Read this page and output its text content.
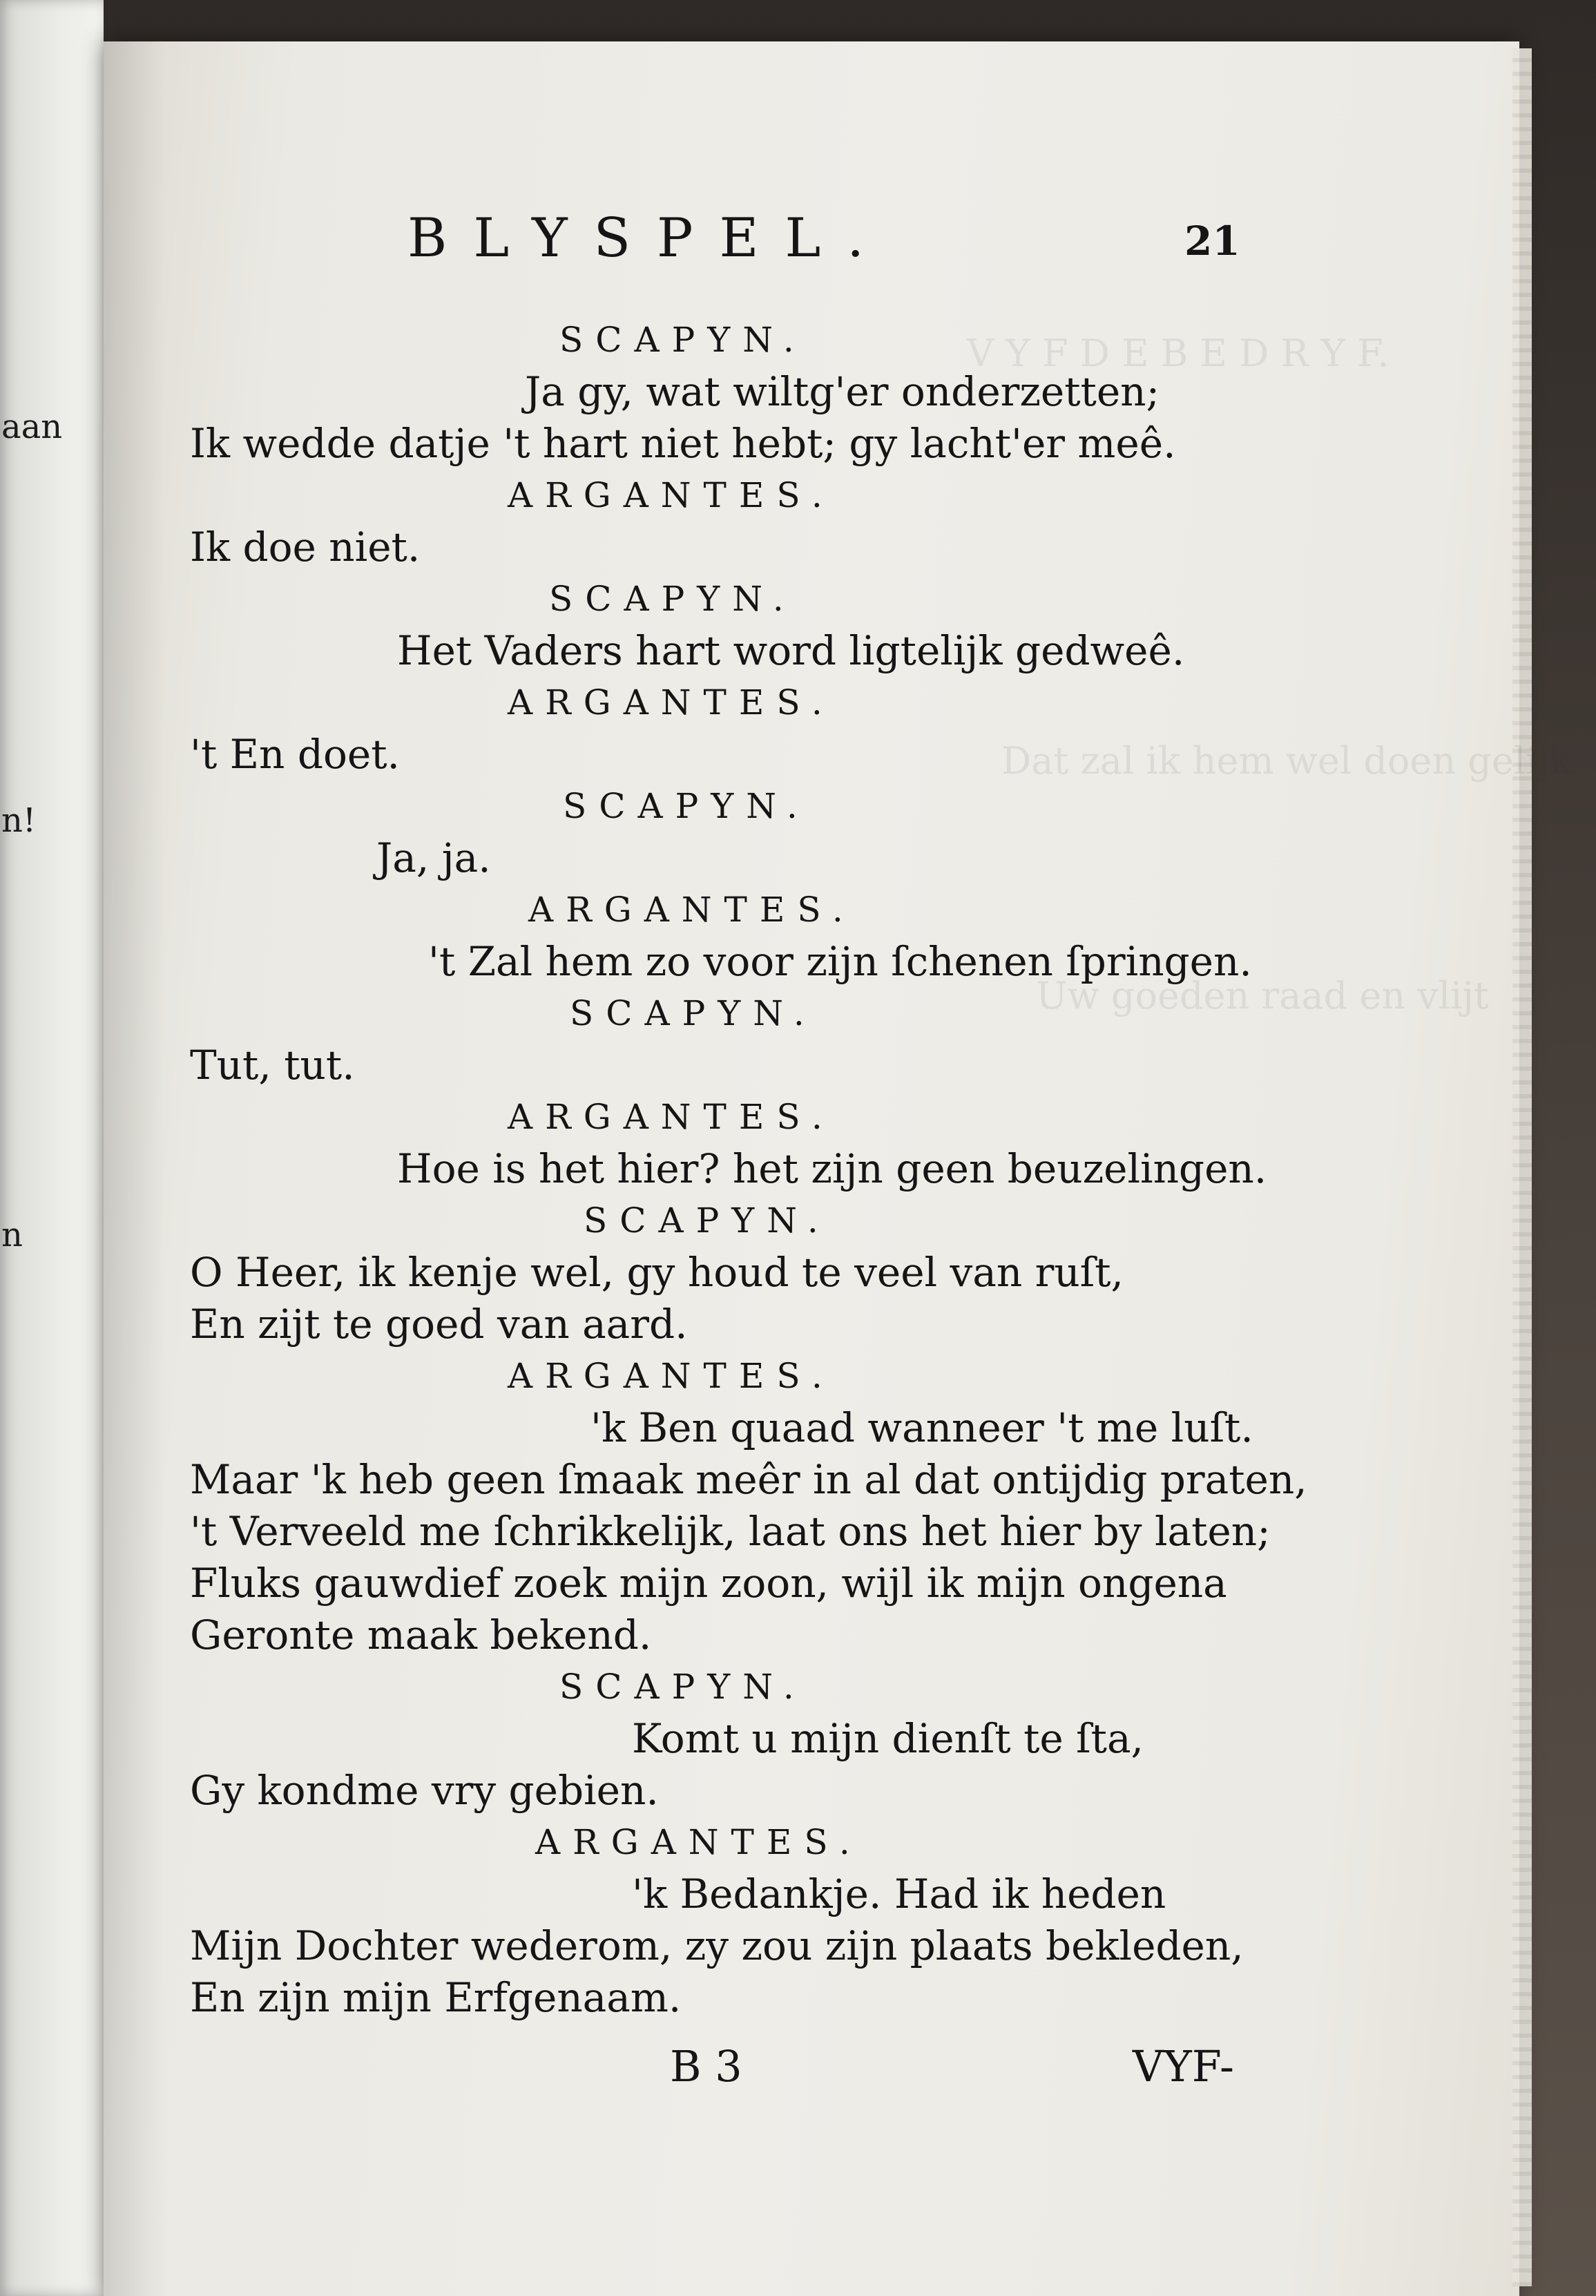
aan
n!
n
V Y F D E B E D R Y F.
Dat zal ik hem wel doen gelijk
Uw goeden raad en vlijt
BLYSPEL.	21
SCAPYN.
Ja gy, wat wiltg'er onderzetten;
Ik wedde datje 't hart niet hebt; gy lacht'er meê.
ARGANTES.
Ik doe niet.
SCAPYN.
Het Vaders hart word ligtelijk gedweê.
ARGANTES.
't En doet.
SCAPYN.
Ja, ja.
ARGANTES.
't Zal hem zo voor zijn ſchenen ſpringen.
SCAPYN.
Tut, tut.
ARGANTES.
Hoe is het hier? het zijn geen beuzelingen.
SCAPYN.
O Heer, ik kenje wel, gy houd te veel van ruſt,
En zijt te goed van aard.
ARGANTES.
'k Ben quaad wanneer 't me luſt.
Maar 'k heb geen ſmaak meêr in al dat ontijdig praten,
't Verveeld me ſchrikkelijk, laat ons het hier by laten;
Fluks gauwdief zoek mijn zoon, wijl ik mijn ongena
Geronte maak bekend.
SCAPYN.
Komt u mijn dienſt te ſta,
Gy kondme vry gebien.
ARGANTES.
'k Bedankje. Had ik heden
Mijn Dochter wederom, zy zou zijn plaats bekleden,
En zijn mijn Erfgenaam.
B 3	VYF-
